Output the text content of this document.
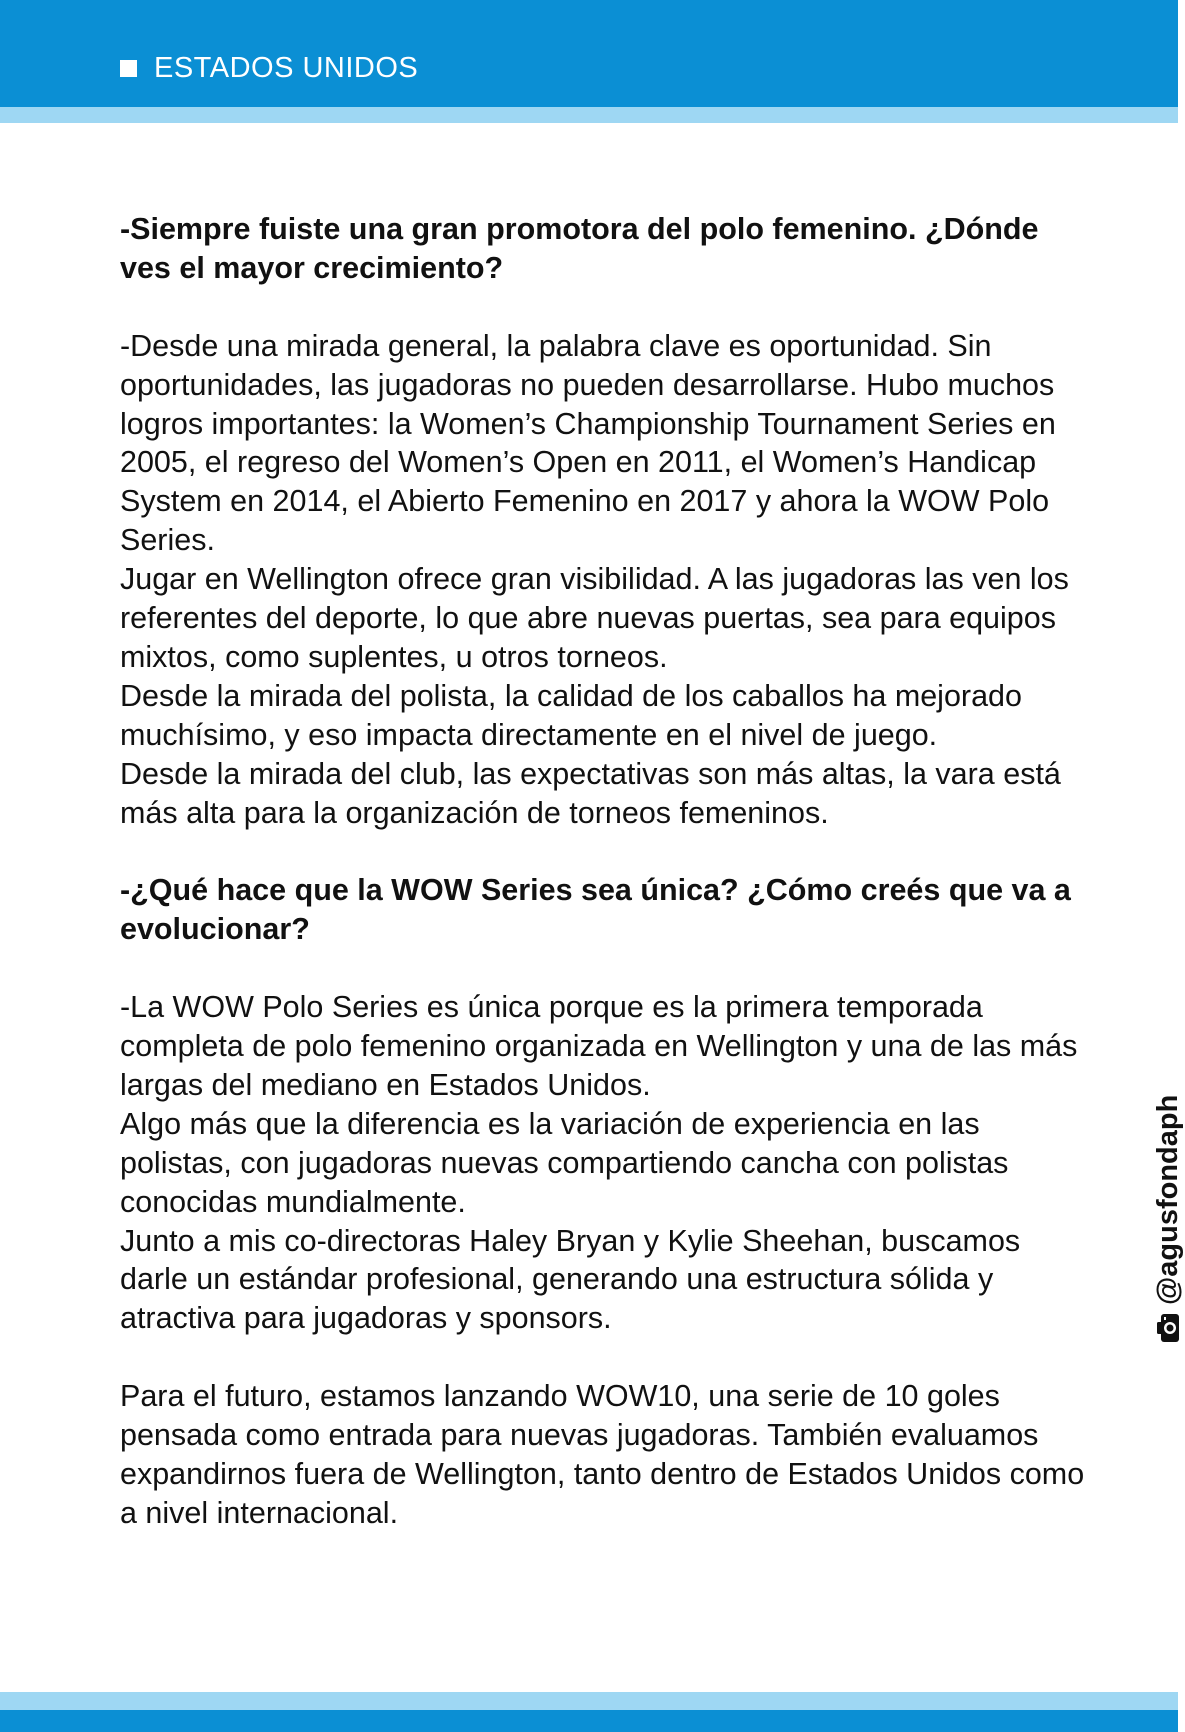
ESTADOS UNIDOS

-Siempre fuiste una gran promotora del polo femenino. ¿Dónde ves el mayor crecimiento?

-Desde una mirada general, la palabra clave es oportunidad. Sin oportunidades, las jugadoras no pueden desarrollarse. Hubo muchos logros importantes: la Women’s Championship Tournament Series en 2005, el regreso del Women’s Open en 2011, el Women’s Handicap System en 2014, el Abierto Femenino en 2017 y ahora la WOW Polo Series.

Jugar en Wellington ofrece gran visibilidad. A las jugadoras las ven los referentes del deporte, lo que abre nuevas puertas, sea para equipos mixtos, como suplentes, u otros torneos.

Desde la mirada del polista, la calidad de los caballos ha mejorado muchísimo, y eso impacta directamente en el nivel de juego.

Desde la mirada del club, las expectativas son más altas, la vara está más alta para la organización de torneos femeninos.

-¿Qué hace que la WOW Series sea única? ¿Cómo creés que va a evolucionar?

-La WOW Polo Series es única porque es la primera temporada completa de polo femenino organizada en Wellington y una de las más largas del mediano en Estados Unidos.

Algo más que la diferencia es la variación de experiencia en las polistas, con jugadoras nuevas compartiendo cancha con polistas conocidas mundialmente.

Junto a mis co-directoras Haley Bryan y Kylie Sheehan, buscamos darle un estándar profesional, generando una estructura sólida y atractiva para jugadoras y sponsors.

Para el futuro, estamos lanzando WOW10, una serie de 10 goles pensada como entrada para nuevas jugadoras. También evaluamos expandirnos fuera de Wellington, tanto dentro de Estados Unidos como a nivel internacional.

@agusfondaph
